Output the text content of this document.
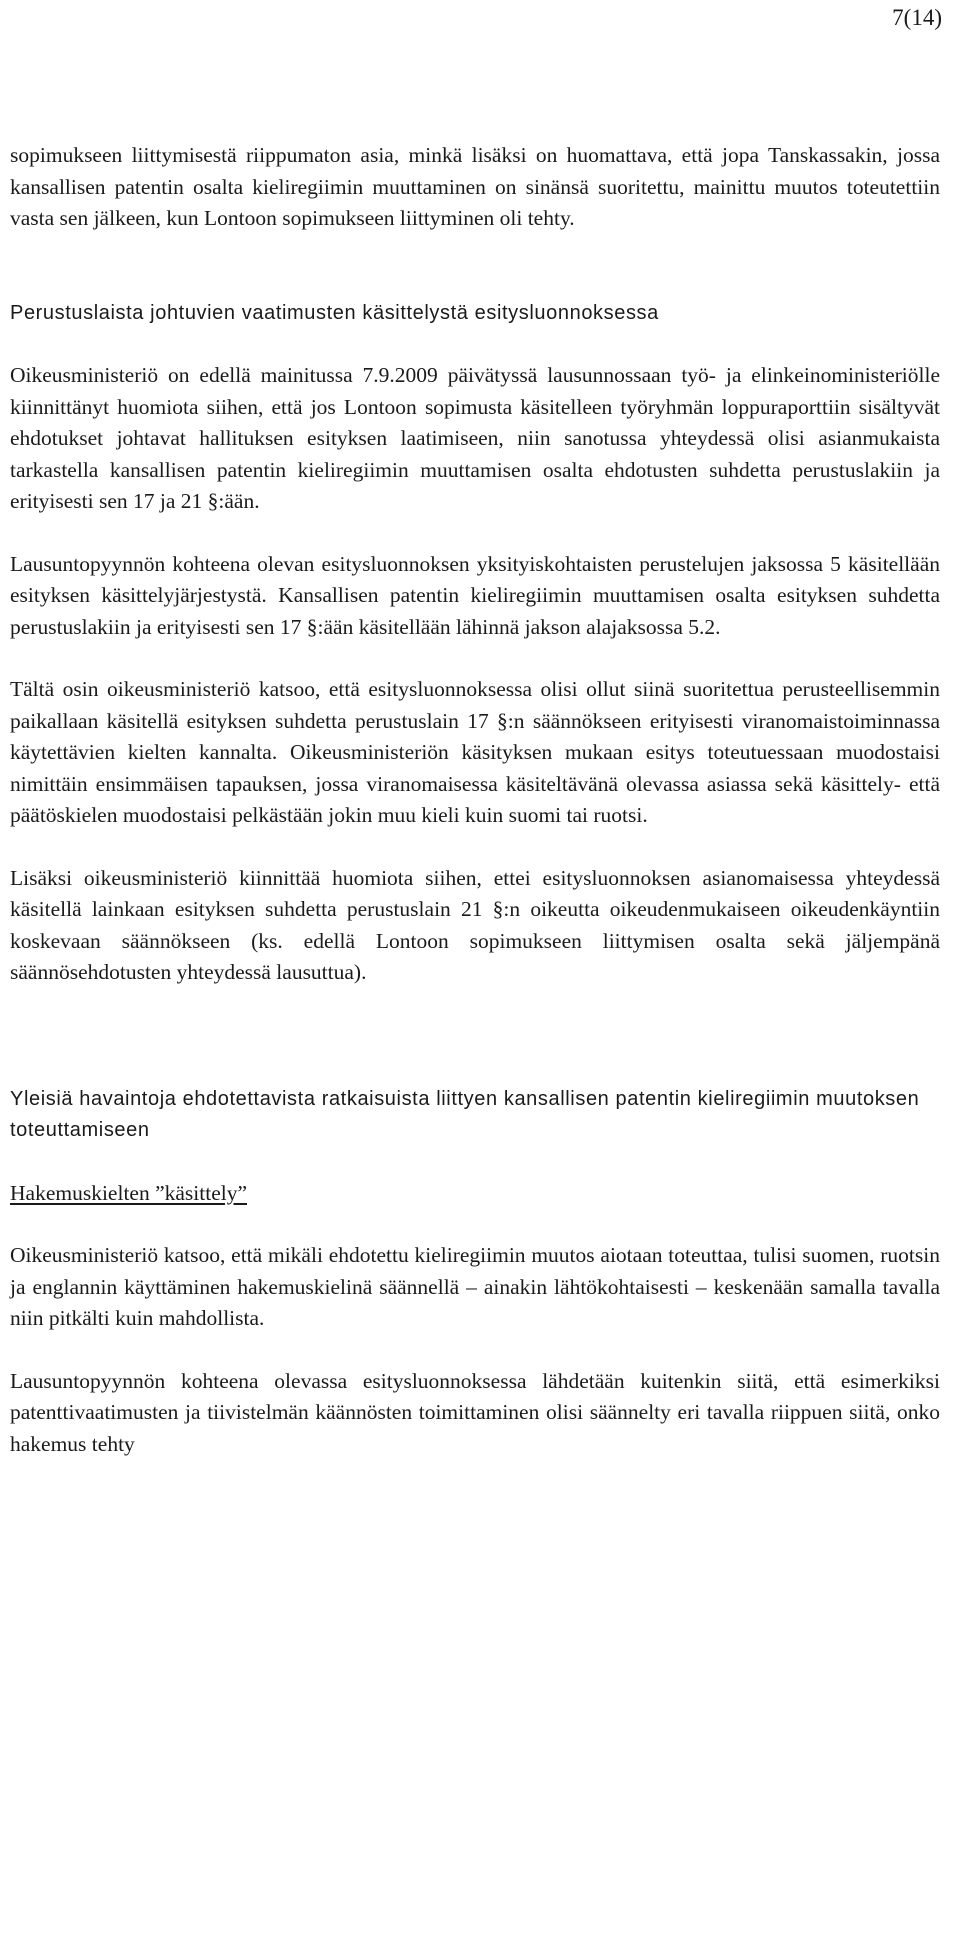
7(14)

sopimukseen liittymisestä riippumaton asia, minkä lisäksi on huomattava, että jopa Tanskassakin, jossa kansallisen patentin osalta kieliregiimin muuttaminen on sinänsä suoritettu, mainittu muutos toteutettiin vasta sen jälkeen, kun Lontoon sopimukseen liittyminen oli tehty.

Perustuslaista johtuvien vaatimusten käsittelystä esitysluonnoksessa

Oikeusministeriö on edellä mainitussa 7.9.2009 päivätyssä lausunnossaan työ- ja elinkeinoministeriölle kiinnittänyt huomiota siihen, että jos Lontoon sopimusta käsitelleen työryhmän loppuraporttiin sisältyvät ehdotukset johtavat hallituksen esityksen laatimiseen, niin sanotussa yhteydessä olisi asianmukaista tarkastella kansallisen patentin kieliregiimin muuttamisen osalta ehdotusten suhdetta perustuslakiin ja erityisesti sen 17 ja 21 §:ään.

Lausuntopyynnön kohteena olevan esitysluonnoksen yksityiskohtaisten perustelujen jaksossa 5 käsitellään esityksen käsittelyjärjestystä. Kansallisen patentin kieliregiimin muuttamisen osalta esityksen suhdetta perustuslakiin ja erityisesti sen 17 §:ään käsitellään lähinnä jakson alajaksossa 5.2.

Tältä osin oikeusministeriö katsoo, että esitysluonnoksessa olisi ollut siinä suoritettua perusteellisemmin paikallaan käsitellä esityksen suhdetta perustuslain 17 §:n säännökseen erityisesti viranomaistoiminnassa käytettävien kielten kannalta. Oikeusministeriön käsityksen mukaan esitys toteutuessaan muodostaisi nimittäin ensimmäisen tapauksen, jossa viranomaisessa käsiteltävänä olevassa asiassa sekä käsittely- että päätöskielen muodostaisi pelkästään jokin muu kieli kuin suomi tai ruotsi.

Lisäksi oikeusministeriö kiinnittää huomiota siihen, ettei esitysluonnoksen asianomaisessa yhteydessä käsitellä lainkaan esityksen suhdetta perustuslain 21 §:n oikeutta oikeudenmukaiseen oikeudenkäyntiin koskevaan säännökseen (ks. edellä Lontoon sopimukseen liittymisen osalta sekä jäljempänä säännösehdotusten yhteydessä lausuttua).

Yleisiä havaintoja ehdotettavista ratkaisuista liittyen kansallisen patentin kieliregiimin muutoksen toteuttamiseen

Hakemuskielten ”käsittely”

Oikeusministeriö katsoo, että mikäli ehdotettu kieliregiimin muutos aiotaan toteuttaa, tulisi suomen, ruotsin ja englannin käyttäminen hakemuskielinä säännellä – ainakin lähtökohtaisesti – keskenään samalla tavalla niin pitkälti kuin mahdollista.

Lausuntopyynnön kohteena olevassa esitysluonnoksessa lähdetään kuitenkin siitä, että esimerkiksi patenttivaatimusten ja tiivistelmän käännösten toimittaminen olisi säännelty eri tavalla riippuen siitä, onko hakemus tehty
